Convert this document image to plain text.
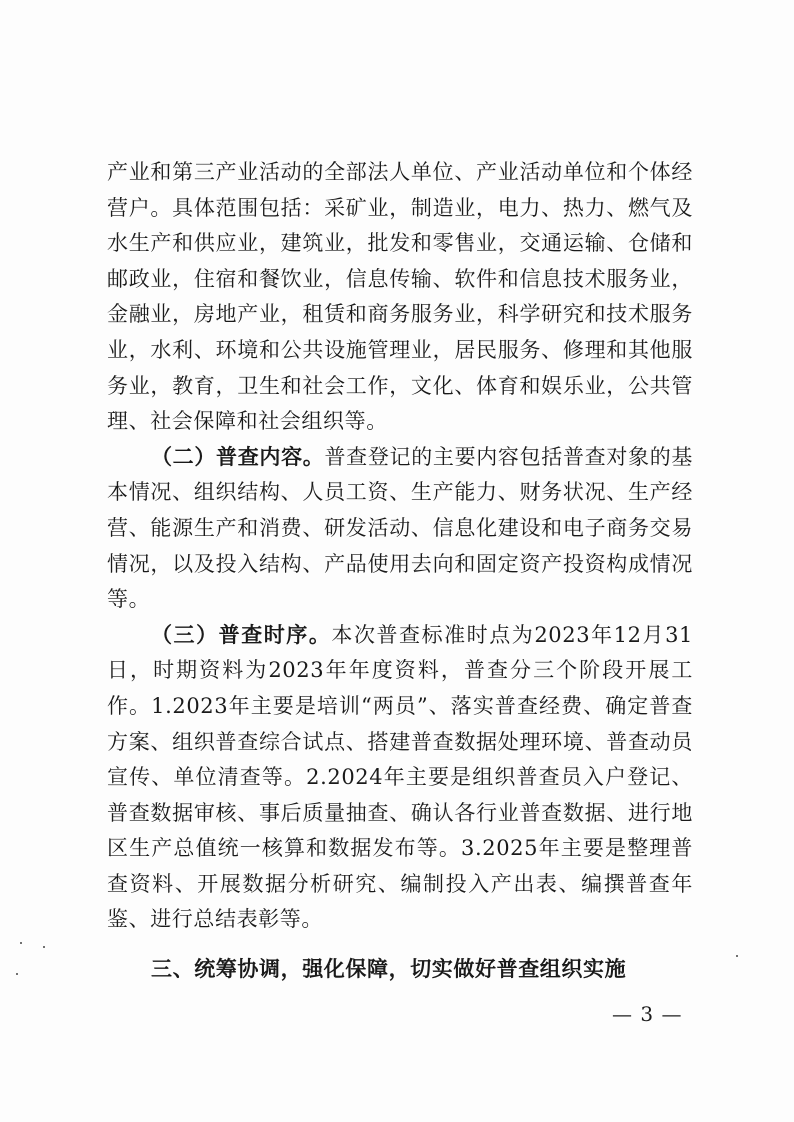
产业和第三产业活动的全部法人单位、产业活动单位和个体经营户。具体范围包括：采矿业，制造业，电力、热力、燃气及水生产和供应业，建筑业，批发和零售业，交通运输、仓储和邮政业，住宿和餐饮业，信息传输、软件和信息技术服务业，金融业，房地产业，租赁和商务服务业，科学研究和技术服务业，水利、环境和公共设施管理业，居民服务、修理和其他服务业，教育，卫生和社会工作，文化、体育和娱乐业，公共管理、社会保障和社会组织等。

（二）普查内容。普查登记的主要内容包括普查对象的基本情况、组织结构、人员工资、生产能力、财务状况、生产经营、能源生产和消费、研发活动、信息化建设和电子商务交易情况，以及投入结构、产品使用去向和固定资产投资构成情况等。

（三）普查时序。本次普查标准时点为2023年12月31日，时期资料为2023年年度资料，普查分三个阶段开展工作。1.2023年主要是培训“两员”、落实普查经费、确定普查方案、组织普查综合试点、搭建普查数据处理环境、普查动员宣传、单位清查等。2.2024年主要是组织普查员入户登记、普查数据审核、事后质量抽查、确认各行业普查数据、进行地区生产总值统一核算和数据发布等。3.2025年主要是整理普查资料、开展数据分析研究、编制投入产出表、编撰普查年鉴、进行总结表彰等。

三、统筹协调，强化保障，切实做好普查组织实施
— 3 —
